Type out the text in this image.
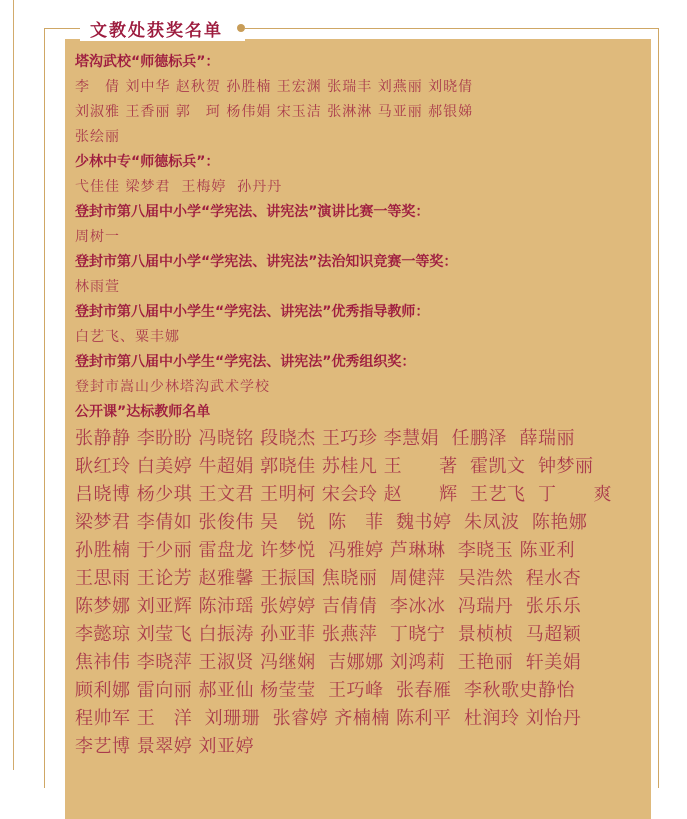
文教处获奖名单
塔沟武校“师德标兵”：
李　倩 刘中华 赵秋贺 孙胜楠 王宏渊 张瑞丰 刘燕丽 刘晓倩
刘淑雅 王香丽 郭　珂 杨伟娟 宋玉洁 张淋淋 马亚丽 郝银娣
张绘丽
少林中专“师德标兵”：
弋佳佳 梁梦君  王梅婷  孙丹丹
登封市第八届中小学“学宪法、讲宪法”演讲比赛一等奖：
周树一
登封市第八届中小学“学宪法、讲宪法”法治知识竞赛一等奖：
林雨萱
登封市第八届中小学生“学宪法、讲宪法”优秀指导教师：
白艺飞、粟丰娜
登封市第八届中小学生“学宪法、讲宪法”优秀组织奖：
登封市嵩山少林塔沟武术学校
公开课”达标教师名单
张静静 李盼盼 冯晓铭 段晓杰 王巧珍 李慧娟  任鹏泽  薛瑞丽
耿红玲 白美婷 牛超娟 郭晓佳 苏桂凡 王　　著  霍凯文  钟梦丽
吕晓博 杨少琪 王文君 王明柯 宋会玲 赵　　辉  王艺飞  丁　　爽
梁梦君 李倩如 张俊伟 吴　锐  陈　菲  魏书婷  朱凤波  陈艳娜
孙胜楠 于少丽 雷盘龙 许梦悦  冯雅婷 芦琳琳  李晓玉 陈亚利
王思雨 王论芳 赵雅馨 王振国 焦晓丽  周健萍  吴浩然  程水杏
陈梦娜 刘亚辉 陈沛瑶 张婷婷 吉倩倩  李冰冰  冯瑞丹  张乐乐
李懿琼 刘莹飞 白振涛 孙亚菲 张燕萍  丁晓宁  景桢桢  马超颖
焦祎伟 李晓萍 王淑贤 冯继娴  吉娜娜 刘鸿莉  王艳丽  轩美娟
顾利娜 雷向丽 郝亚仙 杨莹莹  王巧峰  张春雁  李秋歌史静怡
程帅军 王　洋  刘珊珊  张睿婷 齐楠楠 陈利平  杜润玲 刘怡丹
李艺博 景翠婷 刘亚婷
